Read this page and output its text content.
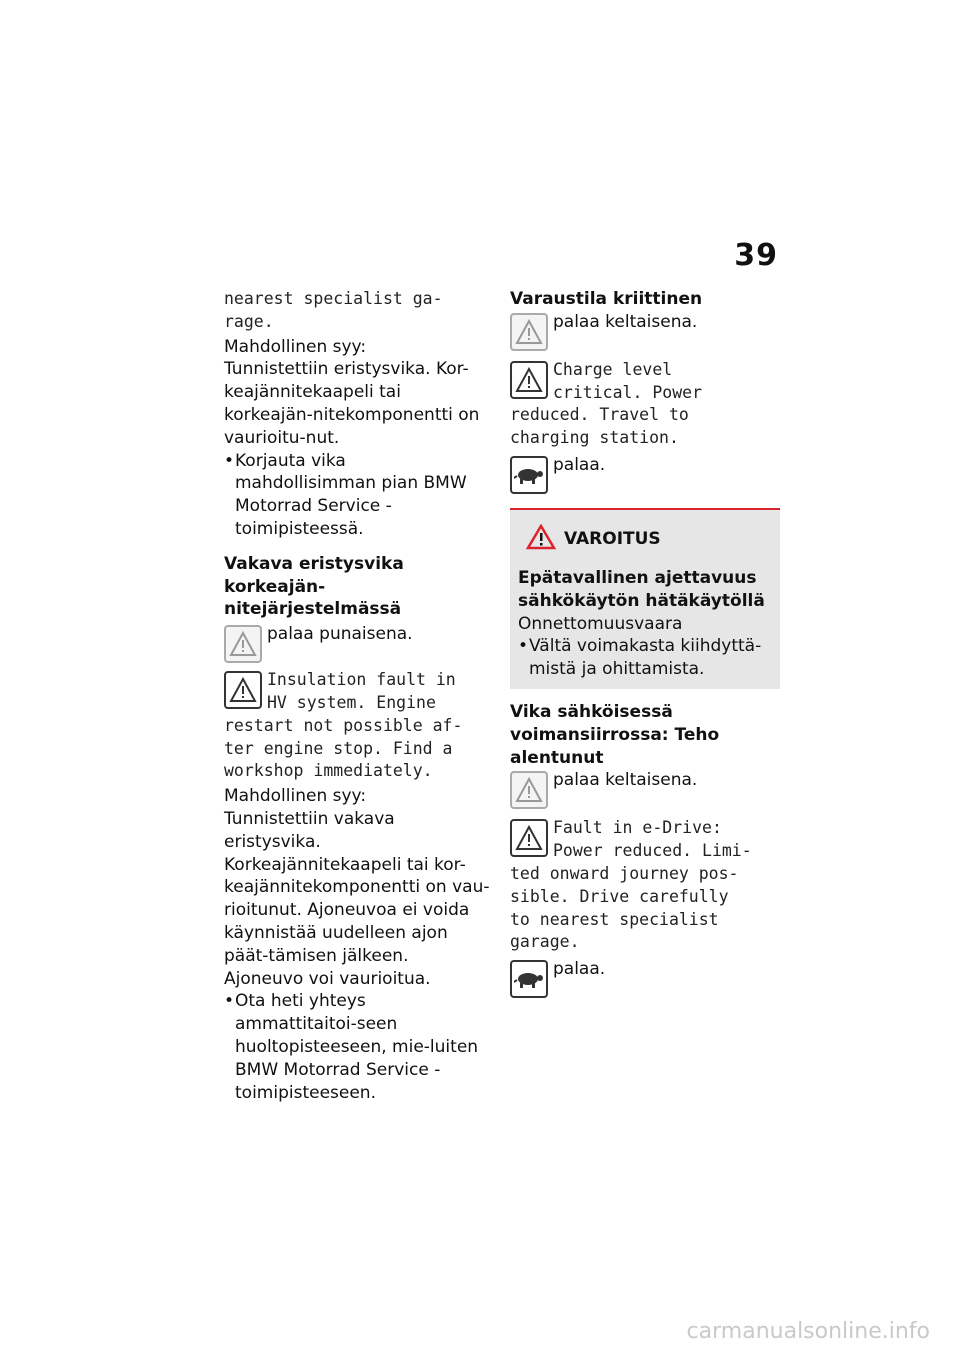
39

nearest specialist ga-
rage.

Mahdollinen syy:

Tunnistettiin eristysvika. Kor-keajännitekaapeli tai korkeajän-nitekomponentti on vaurioitu-nut.

• Korjauta vika mahdollisimman pian BMW Motorrad Service -toimipisteessä.

Vakava eristysvika korkeajän-nitejärjestelmässä

palaa punaisena.

Insulation fault in
HV system. Engine
restart not possible af-
ter engine stop. Find a
workshop immediately.

Mahdollinen syy:

Tunnistettiin vakava eristysvika. Korkeajännitekaapeli tai kor-keajännitekomponentti on vau-rioitunut. Ajoneuvoa ei voida käynnistää uudelleen ajon päät-tämisen jälkeen. Ajoneuvo voi vaurioitua.

• Ota heti yhteys ammattitaitoi-seen huoltopisteeseen, mie-luiten BMW Motorrad Service -toimipisteeseen.

Varaustila kriittinen

palaa keltaisena.

Charge level
critical. Power
reduced. Travel to
charging station.

palaa.
VAROITUS

Epätavallinen ajettavuus sähkökäytön hätäkäytöllä

Onnettomuusvaara

• Vältä voimakasta kiihdyttä-mistä ja ohittamista.

Vika sähköisessä voimansiirrossa: Teho alentunut

palaa keltaisena.

Fault in e-Drive:
Power reduced. Limi-
ted onward journey pos-
sible. Drive carefully
to nearest specialist
garage.

palaa.
carmanualsonline.info
